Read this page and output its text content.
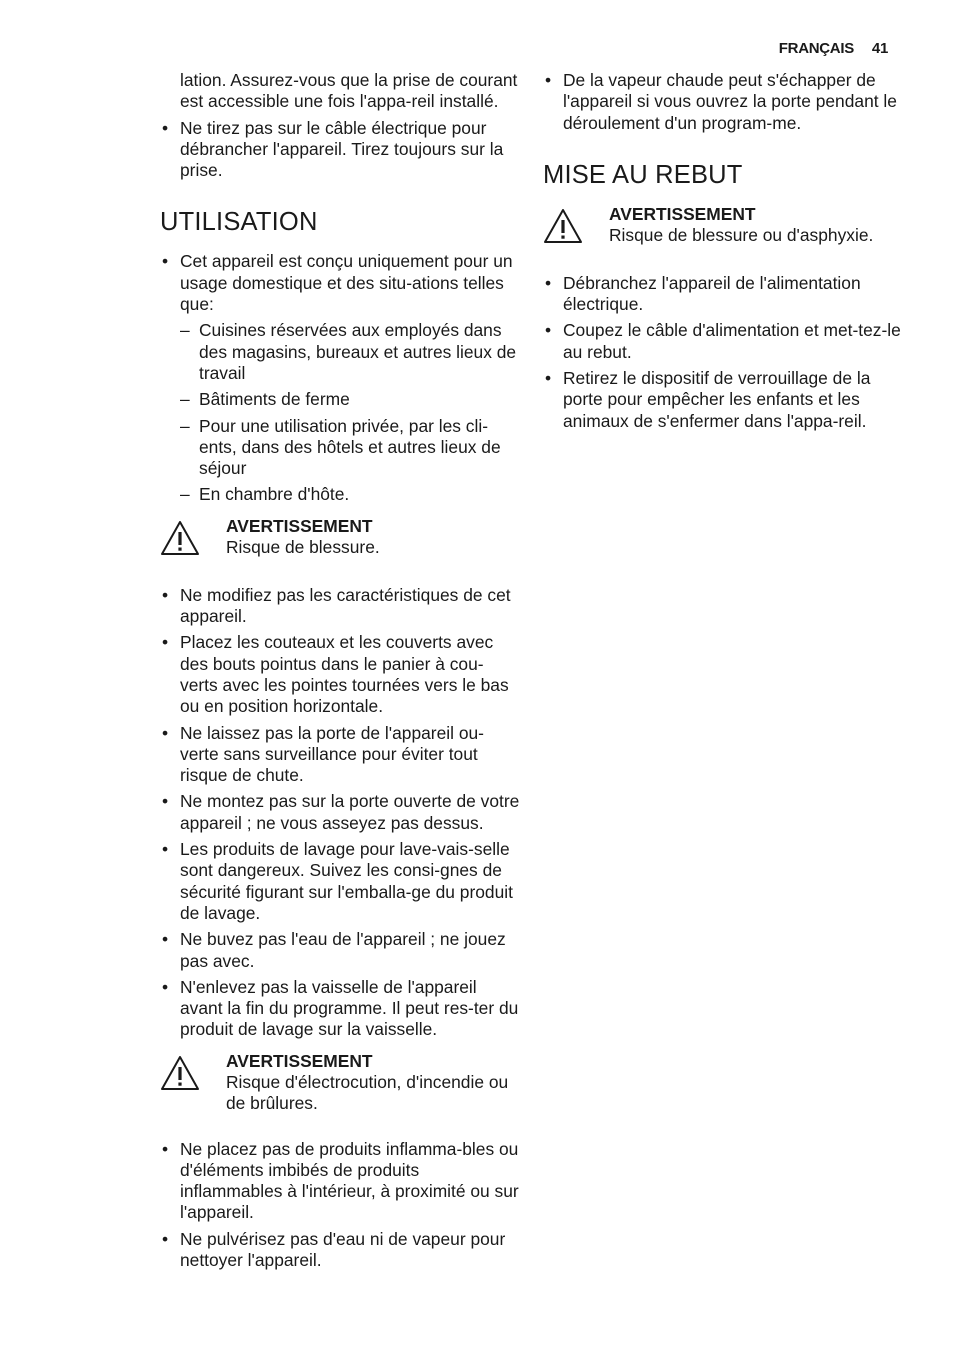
FRANÇAIS 41

lation. Assurez-vous que la prise de courant est accessible une fois l'appa-reil installé.

• Ne tirez pas sur le câble électrique pour débrancher l'appareil. Tirez toujours sur la prise.
UTILISATION
• Cet appareil est conçu uniquement pour un usage domestique et des situ-ations telles que:
– Cuisines réservées aux employés dans des magasins, bureaux et autres lieux de travail
– Bâtiments de ferme
– Pour une utilisation privée, par les cli-ents, dans des hôtels et autres lieux de séjour
– En chambre d'hôte.
AVERTISSEMENT
Risque de blessure.
• Ne modifiez pas les caractéristiques de cet appareil.
• Placez les couteaux et les couverts avec des bouts pointus dans le panier à cou-verts avec les pointes tournées vers le bas ou en position horizontale.
• Ne laissez pas la porte de l'appareil ou-verte sans surveillance pour éviter tout risque de chute.
• Ne montez pas sur la porte ouverte de votre appareil ; ne vous asseyez pas dessus.
• Les produits de lavage pour lave-vais-selle sont dangereux. Suivez les consi-gnes de sécurité figurant sur l'emballa-ge du produit de lavage.
• Ne buvez pas l'eau de l'appareil ; ne jouez pas avec.
• N'enlevez pas la vaisselle de l'appareil avant la fin du programme. Il peut res-ter du produit de lavage sur la vaisselle.
AVERTISSEMENT
Risque d'électrocution, d'incendie ou de brûlures.
• Ne placez pas de produits inflamma-bles ou d'éléments imbibés de produits inflammables à l'intérieur, à proximité ou sur l'appareil.
• Ne pulvérisez pas d'eau ni de vapeur pour nettoyer l'appareil.
• De la vapeur chaude peut s'échapper de l'appareil si vous ouvrez la porte pendant le déroulement d'un program-me.
MISE AU REBUT
AVERTISSEMENT
Risque de blessure ou d'asphyxie.
• Débranchez l'appareil de l'alimentation électrique.
• Coupez le câble d'alimentation et met-tez-le au rebut.
• Retirez le dispositif de verrouillage de la porte pour empêcher les enfants et les animaux de s'enfermer dans l'appa-reil.
